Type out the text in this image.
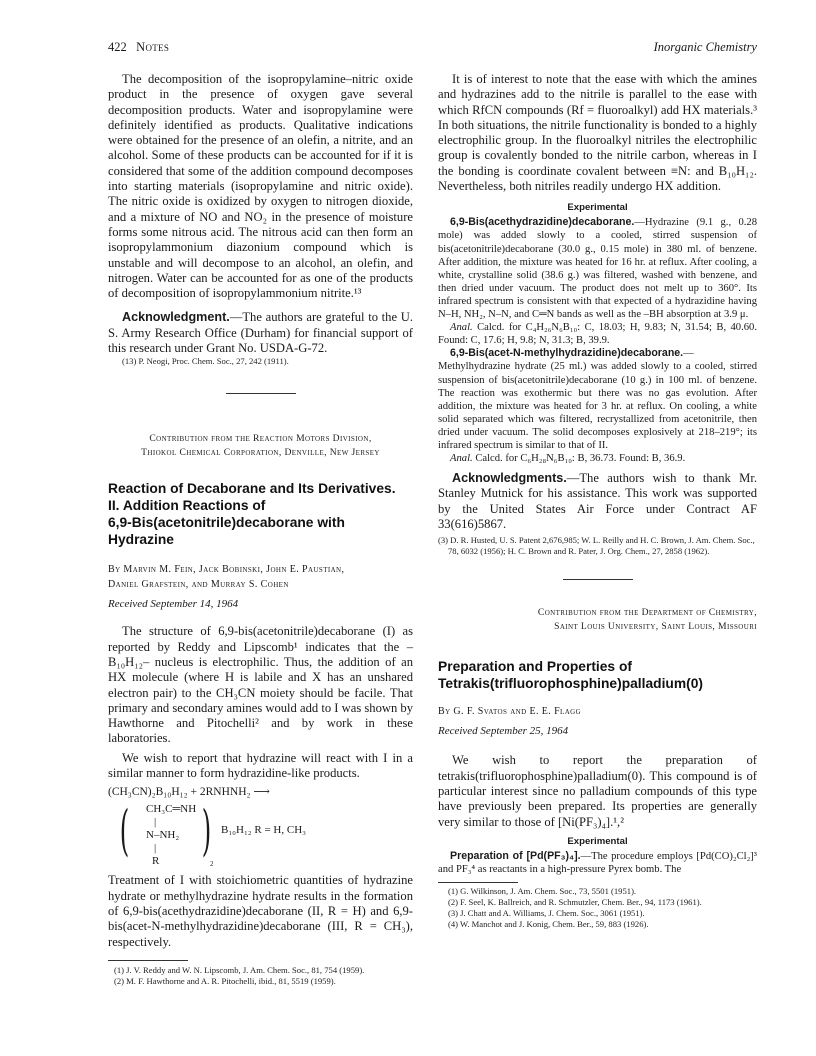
422 Notes	Inorganic Chemistry

The decomposition of the isopropylamine–nitric oxide product in the presence of oxygen gave several decomposition products. Water and isopropylamine were definitely identified as products. Qualitative indications were obtained for the presence of an olefin, a nitrite, and an alcohol. Some of these products can be accounted for if it is considered that some of the addition compound decomposes into starting materials (isopropylamine and nitric oxide). The nitric oxide is oxidized by oxygen to nitrogen dioxide, and a mixture of NO and NO₂ in the presence of moisture forms some nitrous acid. The nitrous acid can then form an isopropylammonium diazonium compound which is unstable and will decompose to an alcohol, an olefin, and nitrogen. Water can be accounted for as one of the products of decomposition of isopropylammonium nitrite.¹³

Acknowledgment.—The authors are grateful to the U. S. Army Research Office (Durham) for financial support of this research under Grant No. USDA-G-72.

(13) P. Neogi, Proc. Chem. Soc., 27, 242 (1911).

Contribution from the Reaction Motors Division,
Thiokol Chemical Corporation, Denville, New Jersey
Reaction of Decaborane and Its Derivatives.
II. Addition Reactions of
6,9-Bis(acetonitrile)decaborane with Hydrazine
By Marvin M. Fein, Jack Bobinski, John E. Paustian,
Daniel Grafstein, and Murray S. Cohen
Received September 14, 1964

The structure of 6,9-bis(acetonitrile)decaborane (I) as reported by Reddy and Lipscomb¹ indicates that the –B₁₀H₁₂– nucleus is electrophilic. Thus, the addition of an HX molecule (where H is labile and X has an unshared electron pair) to the CH₃CN moiety should be facile. That primary and secondary amines would add to I was shown by Hawthorne and Pitochelli² and by work in these laboratories.

We wish to report that hydrazine will react with I in a similar manner to form hydrazidine-like products.

(CH₃CN)₂B₁₀H₁₂ + 2RNHNH₂ ⟶
( CH₃C═NH
|
N–NH₂
|
R ) B₁₀H₁₂ R = H, CH₃
2

Treatment of I with stoichiometric quantities of hydrazine hydrate or methylhydrazine hydrate results in the formation of 6,9-bis(acethydrazidine)decaborane (II, R = H) and 6,9-bis(acet-N-methylhydrazidine)decaborane (III, R = CH₃), respectively.

(1) J. V. Reddy and W. N. Lipscomb, J. Am. Chem. Soc., 81, 754 (1959).

(2) M. F. Hawthorne and A. R. Pitochelli, ibid., 81, 5519 (1959).

It is of interest to note that the ease with which the amines and hydrazines add to the nitrile is parallel to the ease with which RfCN compounds (Rf = fluoroalkyl) add HX materials.³ In both situations, the nitrile functionality is bonded to a highly electrophilic group. In the fluoroalkyl nitriles the electrophilic group is covalently bonded to the nitrile carbon, whereas in I the bonding is coordinate covalent between ≡N: and B₁₀H₁₂. Nevertheless, both nitriles readily undergo HX addition.

Experimental

6,9-Bis(acethydrazidine)decaborane.—Hydrazine (9.1 g., 0.28 mole) was added slowly to a cooled, stirred suspension of bis(acetonitrile)decaborane (30.0 g., 0.15 mole) in 380 ml. of benzene. After addition, the mixture was heated for 16 hr. at reflux. After cooling, a white, crystalline solid (38.6 g.) was filtered, washed with benzene, and then dried under vacuum. The product does not melt up to 360°. Its infrared spectrum is consistent with that expected of a hydrazidine having N–H, NH₂, N–N, and C═N bands as well as the –BH absorption at 3.9 μ.

Anal. Calcd. for C₄H₂₆N₆B₁₀: C, 18.03; H, 9.83; N, 31.54; B, 40.60. Found: C, 17.6; H, 9.8; N, 31.3; B, 39.9.

6,9-Bis(acet-N-methylhydrazidine)decaborane.—Methylhydrazine hydrate (25 ml.) was added slowly to a cooled, stirred suspension of bis(acetonitrile)decaborane (10 g.) in 100 ml. of benzene. The reaction was exothermic but there was no gas evolution. After addition, the mixture was heated for 3 hr. at reflux. On cooling, a white solid separated which was filtered, recrystallized from acetonitrile, then dried under vacuum. The solid decomposes explosively at 218–219°; its infrared spectrum is similar to that of II.

Anal. Calcd. for C₆H₂₈N₆B₁₀: B, 36.73. Found: B, 36.9.

Acknowledgments.—The authors wish to thank Mr. Stanley Mutnick for his assistance. This work was supported by the United States Air Force under Contract AF 33(616)5867.

(3) D. R. Husted, U. S. Patent 2,676,985; W. L. Reilly and H. C. Brown, J. Am. Chem. Soc., 78, 6032 (1956); H. C. Brown and R. Pater, J. Org. Chem., 27, 2858 (1962).

Contribution from the Department of Chemistry,
Saint Louis University, Saint Louis, Missouri
Preparation and Properties of
Tetrakis(trifluorophosphine)palladium(0)
By G. F. Svatos and E. E. Flagg
Received September 25, 1964

We wish to report the preparation of tetrakis(trifluorophosphine)palladium(0). This compound is of particular interest since no palladium compounds of this type have previously been prepared. Its properties are generally very similar to those of [Ni(PF₃)₄].¹,²

Experimental

Preparation of [Pd(PF₃)₄].—The procedure employs [Pd(CO)₂Cl₂]³ and PF₃⁴ as reactants in a high-pressure Pyrex bomb. The

(1) G. Wilkinson, J. Am. Chem. Soc., 73, 5501 (1951).

(2) F. Seel, K. Ballreich, and R. Schmutzler, Chem. Ber., 94, 1173 (1961).

(3) J. Chatt and A. Williams, J. Chem. Soc., 3061 (1951).

(4) W. Manchot and J. Konig, Chem. Ber., 59, 883 (1926).
